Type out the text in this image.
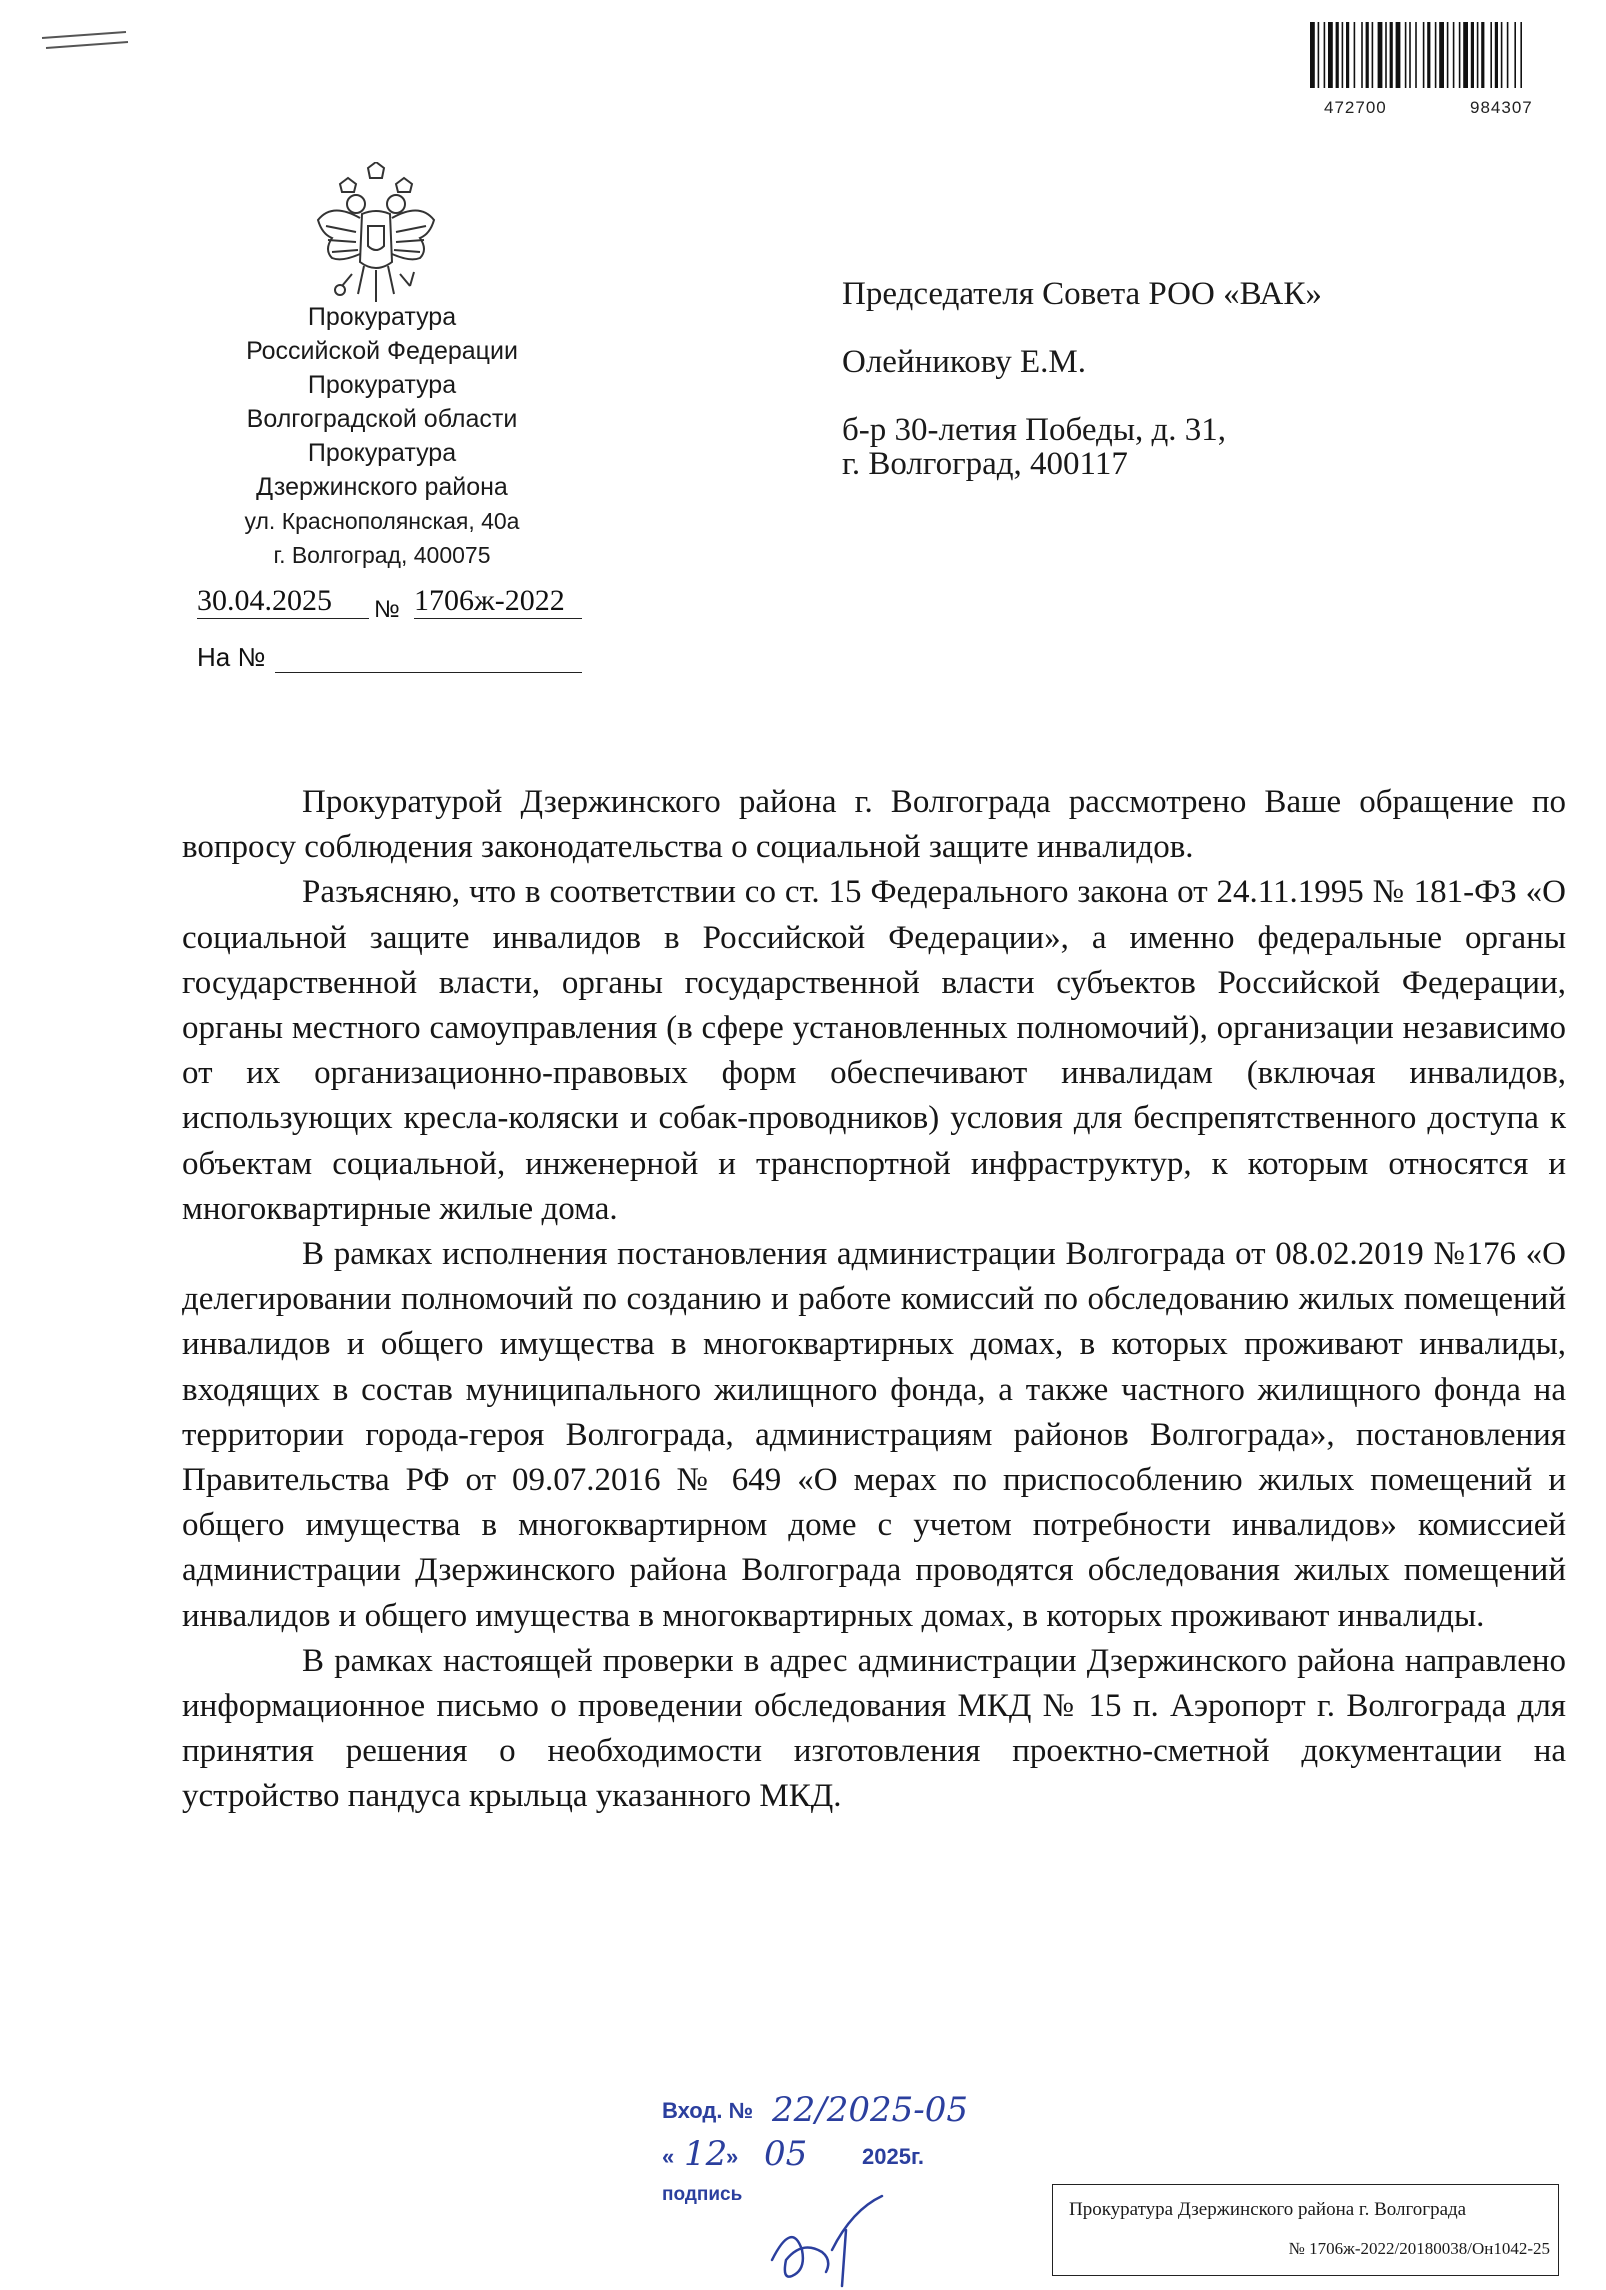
472700	984307
Прокуратура
Российской Федерации
Прокуратура
Волгоградской области
Прокуратура
Дзержинского района
ул. Краснополянская, 40а
г. Волгоград, 400075
30.04.2025	№ 1706ж-2022
На №
Председателя Совета РОО «ВАК»
Олейникову Е.М.
б-р 30-летия Победы, д. 31,
г. Волгоград, 400117

Прокуратурой Дзержинского района г. Волгограда рассмотрено Ваше обращение по вопросу соблюдения законодательства о социальной защите инвалидов.

Разъясняю, что в соответствии со ст. 15 Федерального закона от 24.11.1995 № 181-ФЗ «О социальной защите инвалидов в Российской Федерации», а именно федеральные органы государственной власти, органы государственной власти субъектов Российской Федерации, органы местного самоуправления (в сфере установленных полномочий), организации независимо от их организационно-правовых форм обеспечивают инвалидам (включая инвалидов, использующих кресла-коляски и собак-проводников) условия для беспрепятственного доступа к объектам социальной, инженерной и транспортной инфраструктур, к которым относятся и многоквартирные жилые дома.

В рамках исполнения постановления администрации Волгограда от 08.02.2019 №176 «О делегировании полномочий по созданию и работе комиссий по обследованию жилых помещений инвалидов и общего имущества в многоквартирных домах, в которых проживают инвалиды, входящих в состав муниципального жилищного фонда, а также частного жилищного фонда на территории города-героя Волгограда, администрациям районов Волгограда», постановления Правительства РФ от 09.07.2016 № 649 «О мерах по приспособлению жилых помещений и общего имущества в многоквартирном доме с учетом потребности инвалидов» комиссией администрации Дзержинского района Волгограда проводятся обследования жилых помещений инвалидов и общего имущества в многоквартирных домах, в которых проживают инвалиды.

В рамках настоящей проверки в адрес администрации Дзержинского района направлено информационное письмо о проведении обследования МКД № 15 п. Аэропорт г. Волгограда для принятия решения о необходимости изготовления проектно-сметной документации на устройство пандуса крыльца указанного МКД.

Вход. № 22/2025-05
« 12
» 05 2025г.
подпись
Прокуратура Дзержинского района г. Волгограда
№ 1706ж-2022/20180038/Он1042-25
